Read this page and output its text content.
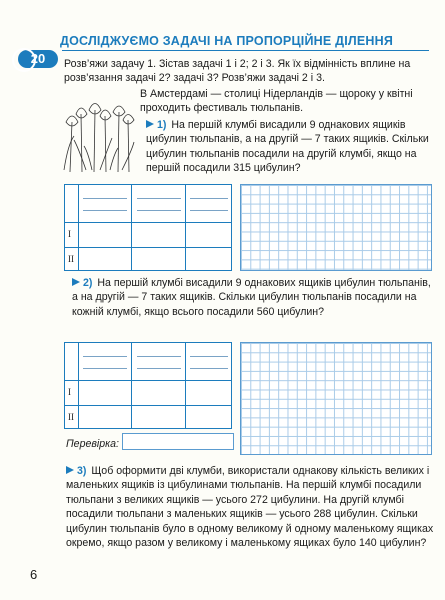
ДОСЛІДЖУЄМО ЗАДАЧІ НА ПРОПОРЦІЙНЕ ДІЛЕННЯ
20	Розв’яжи задачу 1. Зістав задачі 1 і 2; 2 і 3. Як їх відмінність вплине на розв’язання задачі 2? задачі 3? Розв’яжи задачі 2 і 3.
В Амстердамі — столиці Нідерландів — щороку у квітні проходить фестиваль тюльпанів.
1) На першій клумбі висадили 9 однакових ящиків цибулин тюльпанів, а на другій — 7 таких ящиків. Скільки цибулин тюльпанів посадили на другій клумбі, якщо на першій посадили 315 цибулин?
I
II
2) На першій клумбі висадили 9 однакових ящиків цибулин тюльпанів, а на другій — 7 таких ящиків. Скільки цибулин тюльпанів посадили на кожній клумбі, якщо всього посадили 560 цибулин?
I
II
Перевірка:
3) Щоб оформити дві клумби, використали однакову кількість великих і маленьких ящиків із цибулинами тюльпанів. На першій клумбі посадили тюльпани з великих ящиків — усього 272 цибулини. На другій клумбі посадили тюльпани з маленьких ящиків — усього 288 цибулин. Скільки цибулин тюльпанів було в одному великому й одному маленькому ящиках окремо, якщо разом у великому і маленькому ящиках було 140 цибулин?
6
